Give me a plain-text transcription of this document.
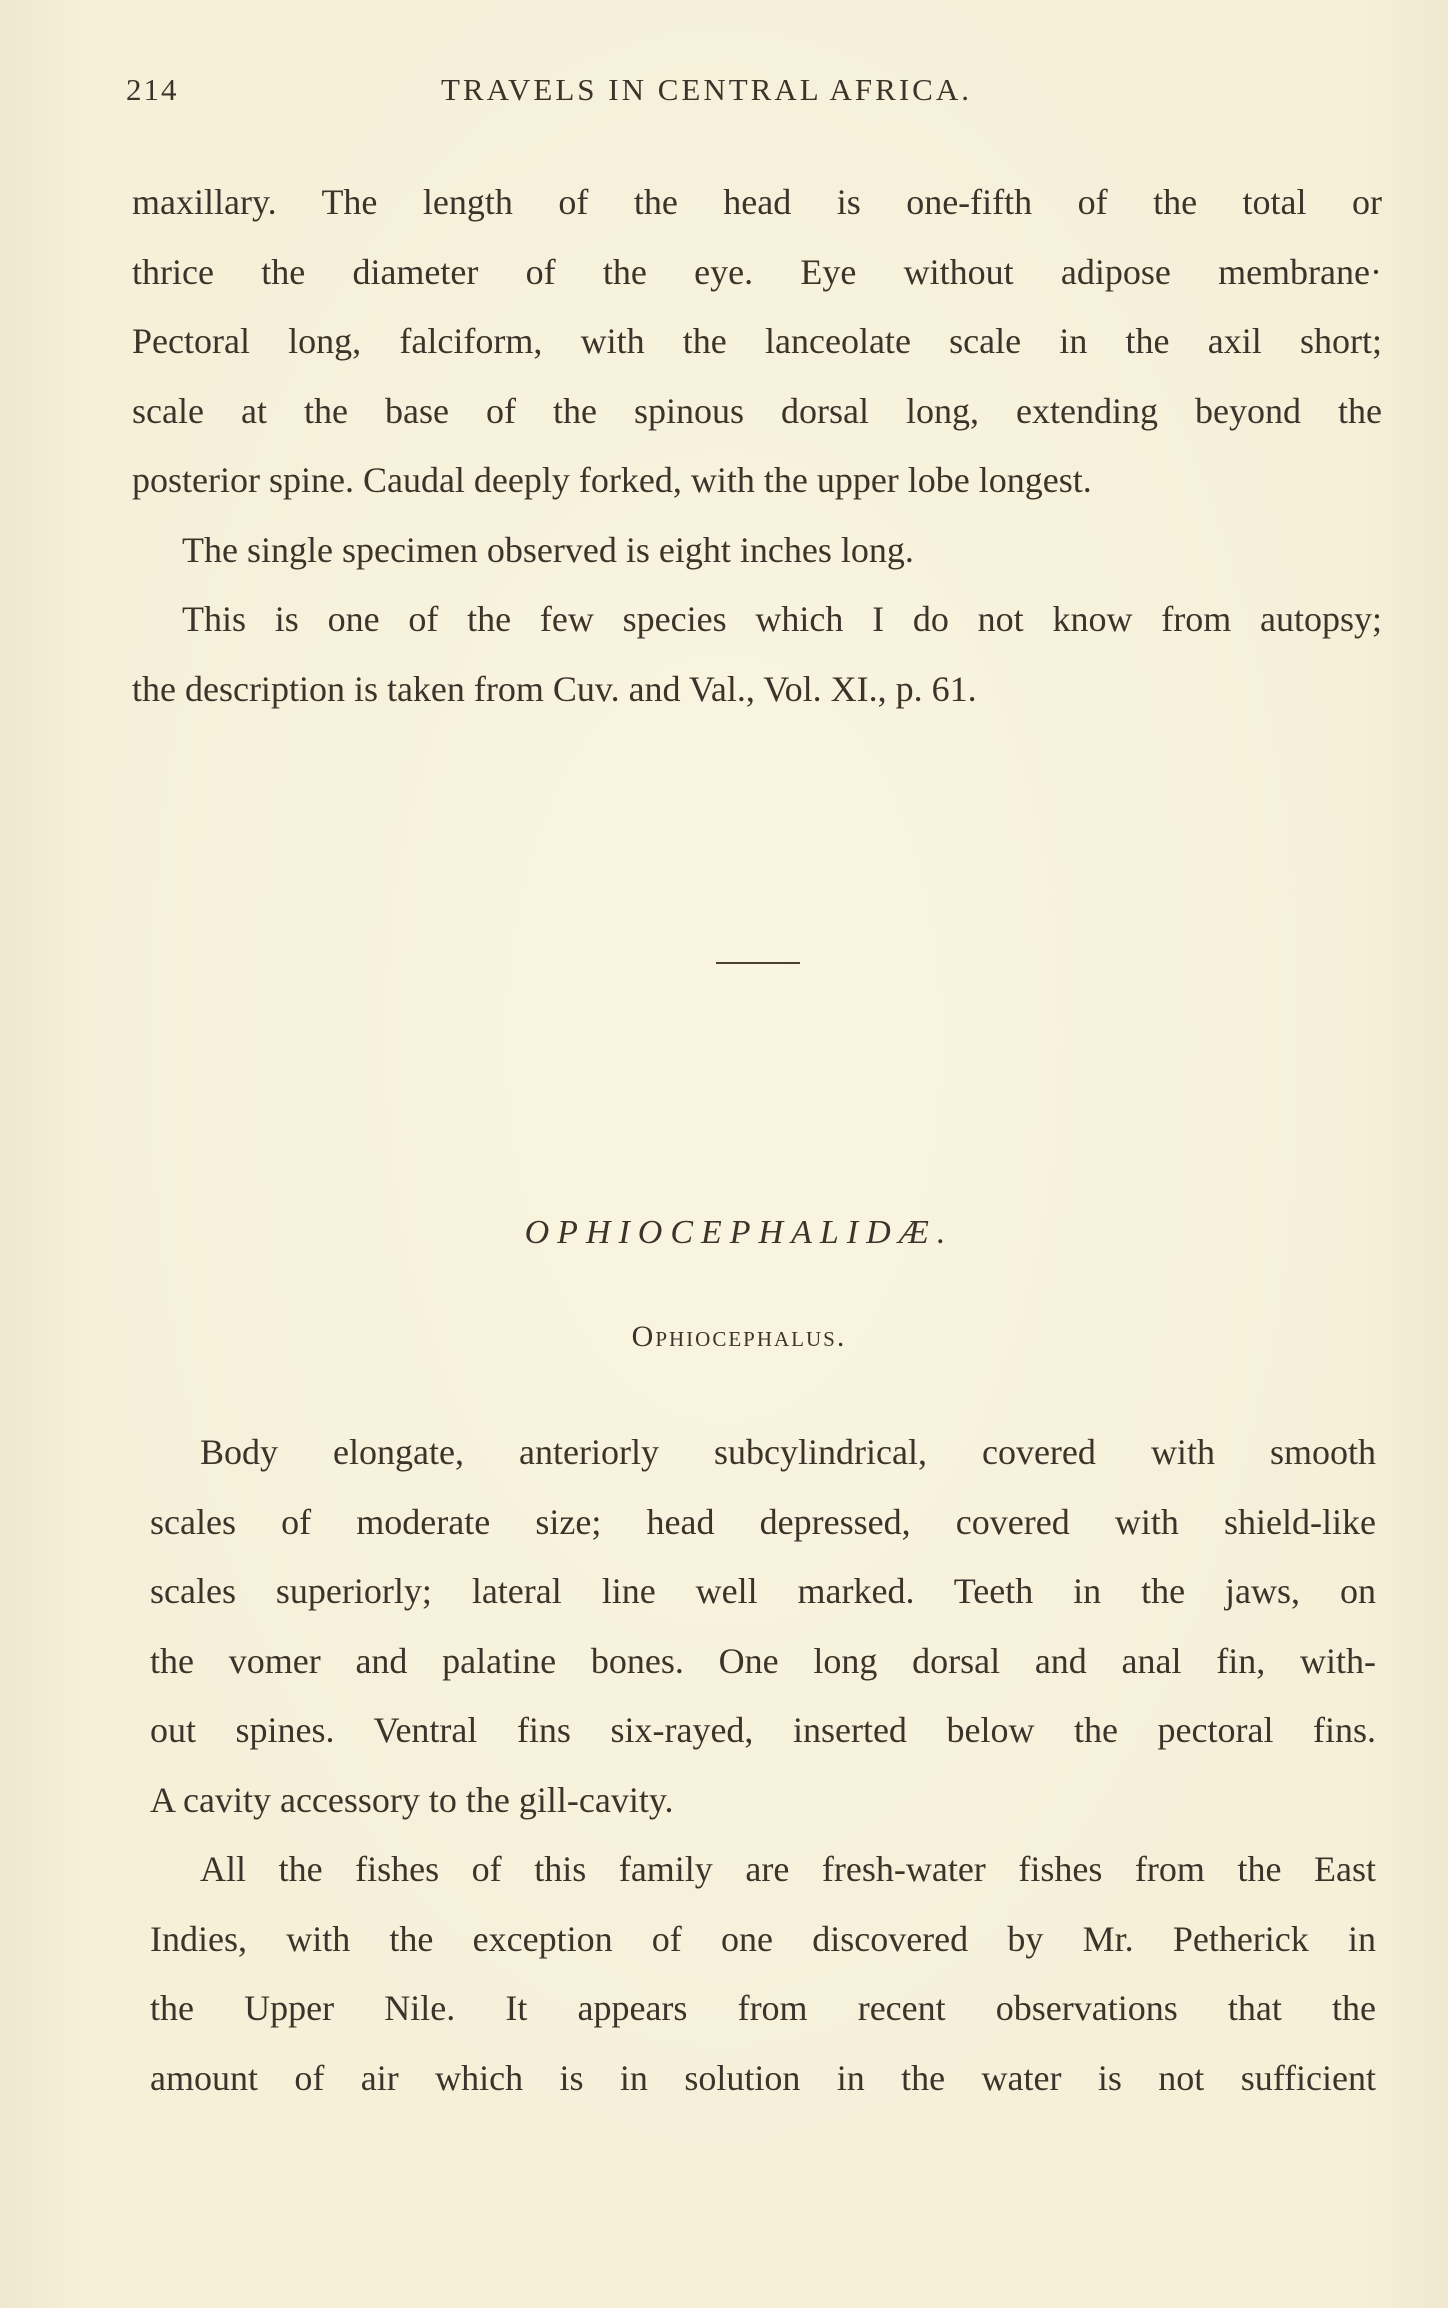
214	TRAVELS IN CENTRAL AFRICA.
maxillary. The length of the head is one-fifth of the total or
thrice the diameter of the eye. Eye without adipose membrane·
Pectoral long, falciform, with the lanceolate scale in the axil short;
scale at the base of the spinous dorsal long, extending beyond the
posterior spine. Caudal deeply forked, with the upper lobe longest.
The single specimen observed is eight inches long.
This is one of the few species which I do not know from autopsy;
the description is taken from Cuv. and Val., Vol. XI., p. 61.
OPHIOCEPHALIDÆ.
Ophiocephalus.
Body elongate, anteriorly subcylindrical, covered with smooth
scales of moderate size; head depressed, covered with shield-like
scales superiorly; lateral line well marked. Teeth in the jaws, on
the vomer and palatine bones. One long dorsal and anal fin, with-
out spines. Ventral fins six-rayed, inserted below the pectoral fins.
A cavity accessory to the gill-cavity.
All the fishes of this family are fresh-water fishes from the East
Indies, with the exception of one discovered by Mr. Petherick in
the Upper Nile. It appears from recent observations that the
amount of air which is in solution in the water is not sufficient
